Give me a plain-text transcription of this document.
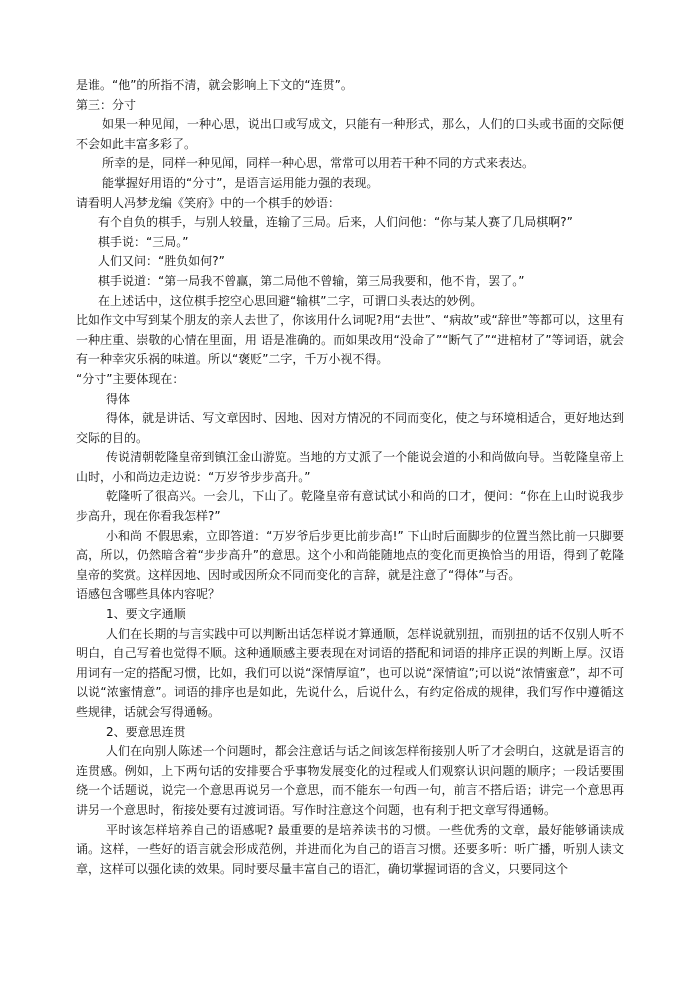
是谁。“他”的所指不清，就会影响上下文的“连贯”。

第三：分寸

如果一种见闻，一种心思，说出口或写成文，只能有一种形式，那么，人们的口头或书面的交际便不会如此丰富多彩了。

所幸的是，同样一种见闻，同样一种心思，常常可以用若干种不同的方式来表达。

能掌握好用语的“分寸”，是语言运用能力强的表现。

请看明人冯梦龙编《笑府》中的一个棋手的妙语：

有个自负的棋手，与别人较量，连输了三局。后来，人们问他：“你与某人赛了几局棋啊?”

棋手说：“三局。”

人们又问：“胜负如何?”

棋手说道：“第一局我不曾赢，第二局他不曾输，第三局我要和，他不肯，罢了。”

在上述话中，这位棋手挖空心思回避“输棋”二字，可谓口头表达的妙例。

比如作文中写到某个朋友的亲人去世了，你该用什么词呢?用“去世”、“病故”或“辞世”等都可以，这里有一种庄重、崇敬的心情在里面，用 语是准确的。而如果改用“没命了”“断气了”“进棺材了”等词语，就会有一种幸灾乐祸的味道。所以“褒贬”二字，千万小视不得。

“分寸”主要体现在：

得体

得体，就是讲话、写文章因时、因地、因对方情况的不同而变化，使之与环境相适合，更好地达到交际的目的。

传说清朝乾隆皇帝到镇江金山游览。当地的方丈派了一个能说会道的小和尚做向导。当乾隆皇帝上山时，小和尚边走边说：“万岁爷步步高升。”

乾隆听了很高兴。一会儿，下山了。乾隆皇帝有意试试小和尚的口才，便问：“你在上山时说我步步高升，现在你看我怎样?”

小和尚 不假思索，立即答道：“万岁爷后步更比前步高!” 下山时后面脚步的位置当然比前一只脚要高，所以，仍然暗含着“步步高升”的意思。这个小和尚能随地点的变化而更换恰当的用语，得到了乾隆皇帝的奖赏。这样因地、因时或因所众不同而变化的言辞，就是注意了“得体”与否。

语感包含哪些具体内容呢？

1、要文字通顺

人们在长期的与言实践中可以判断出话怎样说才算通顺，怎样说就别扭，而别扭的话不仅别人听不明白，自己写着也觉得不顺。这种通顺感主要表现在对词语的搭配和词语的排序正误的判断上厚。汉语用词有一定的搭配习惯，比如，我们可以说“深情厚谊”，也可以说“深情谊”;可以说“浓情蜜意”，却不可以说“浓蜜情意”。词语的排序也是如此，先说什么，后说什么，有约定俗成的规律，我们写作中遵循这些规律，话就会写得通畅。

2、要意思连贯

人们在向别人陈述一个问题时，都会注意话与话之间该怎样衔接别人听了才会明白，这就是语言的连贯感。例如，上下两句话的安排要合乎事物发展变化的过程或人们观察认识问题的顺序；一段话要围绕一个话题说，说完一个意思再说另一个意思，而不能东一句西一句，前言不搭后语；讲完一个意思再讲另一个意思时，衔接处要有过渡词语。写作时注意这个问题，也有利于把文章写得通畅。

平时该怎样培养自己的语感呢? 最重要的是培养读书的习惯。一些优秀的文章，最好能够诵读成诵。这样，一些好的语言就会形成范例，并进而化为自己的语言习惯。还要多听：听广播，听别人读文章，这样可以强化读的效果。同时要尽量丰富自己的语汇，确切掌握词语的含义，只要同这个
